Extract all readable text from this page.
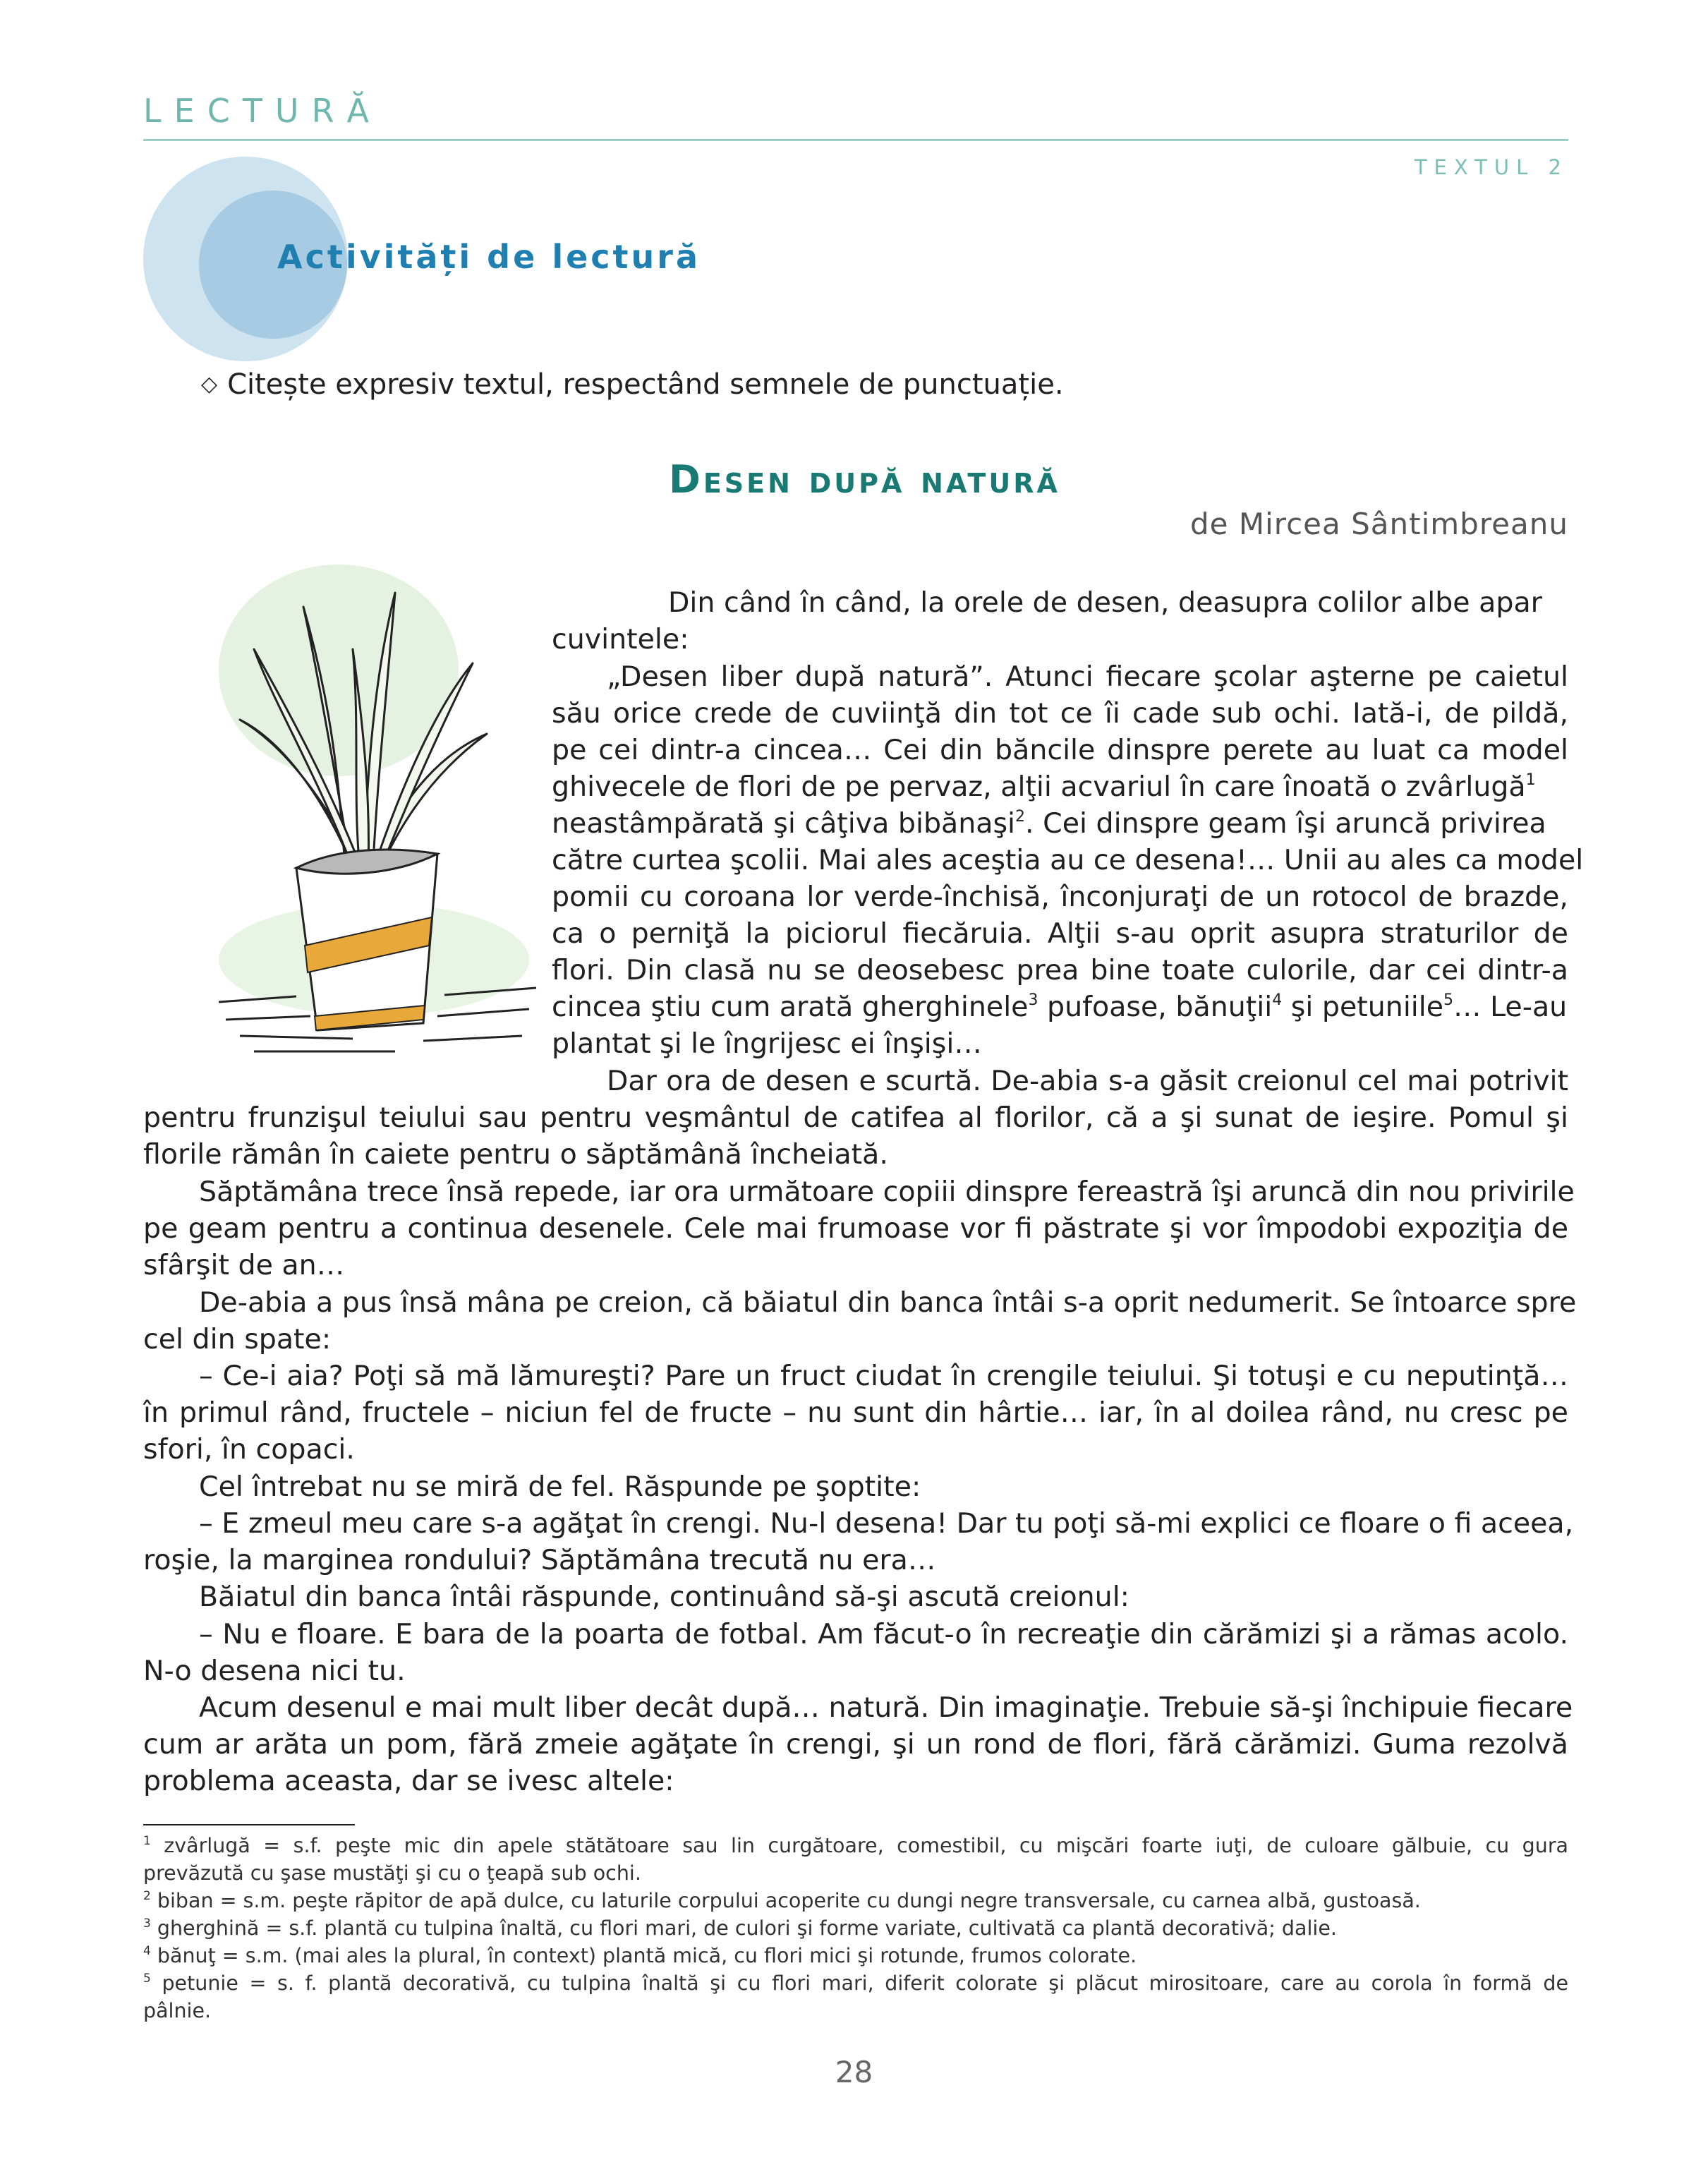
LECTURĂ
TEXTUL 2
Activități de lectură
◇ Citește expresiv textul, respectând semnele de punctuație.
Desen după natură
de Mircea Sântimbreanu
Din când în când, la orele de desen, deasupra colilor albe apar
cuvintele:
„Desen liber după natură”. Atunci fiecare şcolar aşterne pe caietul
său orice crede de cuviinţă din tot ce îi cade sub ochi. Iată-i, de pildă,
pe cei dintr-a cincea… Cei din băncile dinspre perete au luat ca model
ghivecele de flori de pe pervaz, alţii acvariul în care înoată o zvârlugă$^1$
neastâmpărată şi câţiva bibănaşi$^2$. Cei dinspre geam îşi aruncă privirea
către curtea şcolii. Mai ales aceştia au ce desena!… Unii au ales ca model
pomii cu coroana lor verde-închisă, înconjuraţi de un rotocol de brazde,
ca o perniţă la piciorul fiecăruia. Alţii s-au oprit asupra straturilor de
flori. Din clasă nu se deosebesc prea bine toate culorile, dar cei dintr-a
cincea ştiu cum arată gherghinele$^3$ pufoase, bănuţii$^4$ şi petuniile$^5$… Le-au
plantat şi le îngrijesc ei înşişi…
Dar ora de desen e scurtă. De-abia s-a găsit creionul cel mai potrivit
pentru frunzişul teiului sau pentru veşmântul de catifea al florilor, că a şi sunat de ieşire. Pomul şi
florile rămân în caiete pentru o săptămână încheiată.
Săptămâna trece însă repede, iar ora următoare copiii dinspre fereastră îşi aruncă din nou privirile
pe geam pentru a continua desenele. Cele mai frumoase vor fi păstrate şi vor împodobi expoziţia de
sfârşit de an…
De-abia a pus însă mâna pe creion, că băiatul din banca întâi s-a oprit nedumerit. Se întoarce spre
cel din spate:
– Ce-i aia? Poţi să mă lămureşti? Pare un fruct ciudat în crengile teiului. Şi totuşi e cu neputinţă…
în primul rând, fructele – niciun fel de fructe – nu sunt din hârtie… iar, în al doilea rând, nu cresc pe
sfori, în copaci.
Cel întrebat nu se miră de fel. Răspunde pe şoptite:
– E zmeul meu care s-a agăţat în crengi. Nu-l desena! Dar tu poţi să-mi explici ce floare o fi aceea,
roşie, la marginea rondului? Săptămâna trecută nu era…
Băiatul din banca întâi răspunde, continuând să-şi ascută creionul:
– Nu e floare. E bara de la poarta de fotbal. Am făcut-o în recreaţie din cărămizi şi a rămas acolo.
N-o desena nici tu.
Acum desenul e mai mult liber decât după… natură. Din imaginaţie. Trebuie să-şi închipuie fiecare
cum ar arăta un pom, fără zmeie agăţate în crengi, şi un rond de flori, fără cărămizi. Guma rezolvă
problema aceasta, dar se ivesc altele:
$^1$ zvârlugă = s.f. peşte mic din apele stătătoare sau lin curgătoare, comestibil, cu mişcări foarte iuţi, de culoare gălbuie, cu gura
prevăzută cu şase mustăţi şi cu o ţeapă sub ochi.
$^2$ biban = s.m. peşte răpitor de apă dulce, cu laturile corpului acoperite cu dungi negre transversale, cu carnea albă, gustoasă.
$^3$ gherghină = s.f. plantă cu tulpina înaltă, cu flori mari, de culori şi forme variate, cultivată ca plantă decorativă; dalie.
$^4$ bănuţ = s.m. (mai ales la plural, în context) plantă mică, cu flori mici şi rotunde, frumos colorate.
$^5$ petunie = s. f. plantă decorativă, cu tulpina înaltă şi cu flori mari, diferit colorate şi plăcut mirositoare, care au corola în formă de
pâlnie.
28
